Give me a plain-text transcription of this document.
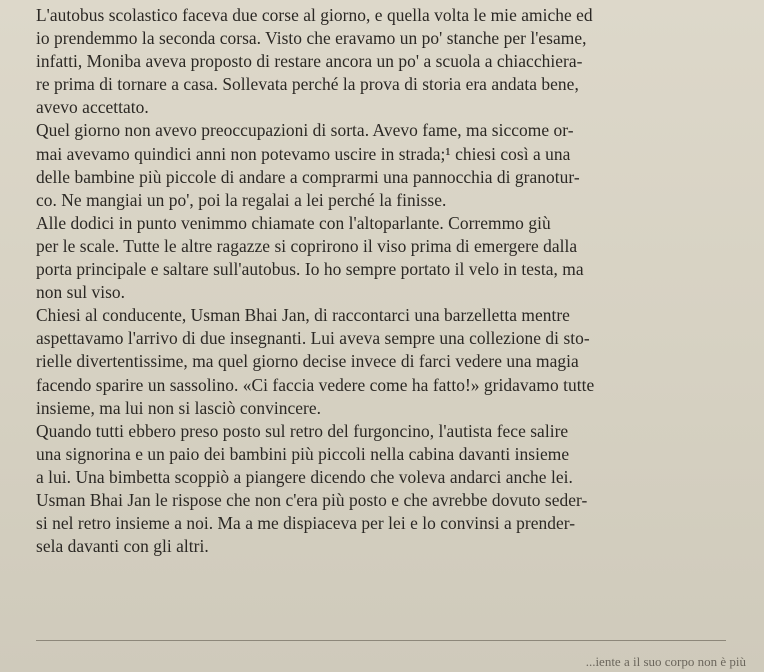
L'autobus scolastico faceva due corse al giorno, e quella volta le mie amiche ed
io prendemmo la seconda corsa. Visto che eravamo un po' stanche per l'esame,
infatti, Moniba aveva proposto di restare ancora un po' a scuola a chiacchiera-
re prima di tornare a casa. Sollevata perché la prova di storia era andata bene,
avevo accettato.
Quel giorno non avevo preoccupazioni di sorta. Avevo fame, ma siccome or-
mai avevamo quindici anni non potevamo uscire in strada;¹ chiesi così a una
delle bambine più piccole di andare a comprarmi una pannocchia di granotur-
co. Ne mangiai un po', poi la regalai a lei perché la finisse.
Alle dodici in punto venimmo chiamate con l'altoparlante. Corremmo giù
per le scale. Tutte le altre ragazze si coprirono il viso prima di emergere dalla
porta principale e saltare sull'autobus. Io ho sempre portato il velo in testa, ma
non sul viso.
Chiesi al conducente, Usman Bhai Jan, di raccontarci una barzelletta mentre
aspettavamo l'arrivo di due insegnanti. Lui aveva sempre una collezione di sto-
rielle divertentissime, ma quel giorno decise invece di farci vedere una magia
facendo sparire un sassolino. «Ci faccia vedere come ha fatto!» gridavamo tutte
insieme, ma lui non si lasciò convincere.
Quando tutti ebbero preso posto sul retro del furgoncino, l'autista fece salire
una signorina e un paio dei bambini più piccoli nella cabina davanti insieme
a lui. Una bimbetta scoppiò a piangere dicendo che voleva andarci anche lei.
Usman Bhai Jan le rispose che non c'era più posto e che avrebbe dovuto seder-
si nel retro insieme a noi. Ma a me dispiaceva per lei e lo convinsi a prender-
sela davanti con gli altri.
...iente a il suo corpo non è più
